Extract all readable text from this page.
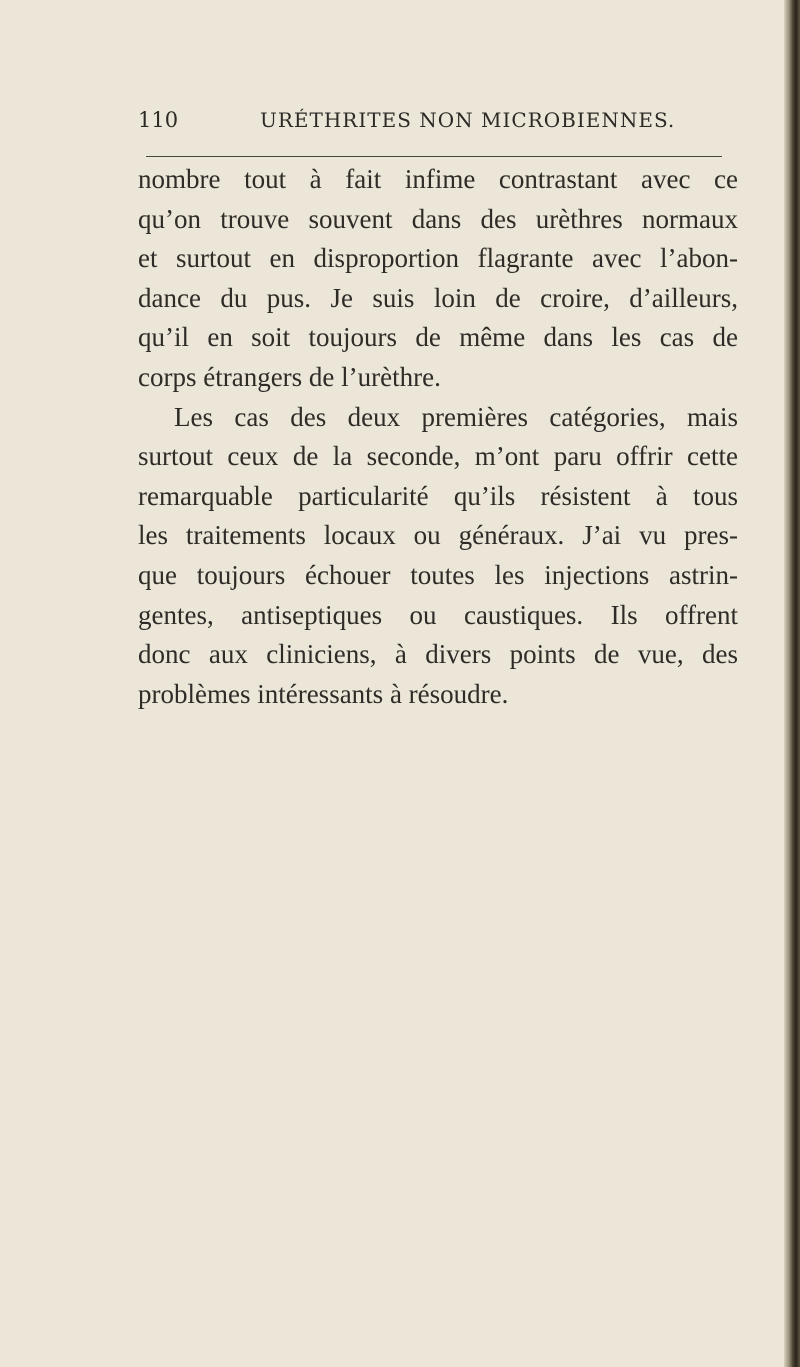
110	URÉTHRITES NON MICROBIENNES.
nombre tout à fait infime contrastant avec ce
qu’on trouve souvent dans des urèthres normaux
et surtout en disproportion flagrante avec l’abon-
dance du pus. Je suis loin de croire, d’ailleurs,
qu’il en soit toujours de même dans les cas de
corps étrangers de l’urèthre.
Les cas des deux premières catégories, mais
surtout ceux de la seconde, m’ont paru offrir cette
remarquable particularité qu’ils résistent à tous
les traitements locaux ou généraux. J’ai vu pres-
que toujours échouer toutes les injections astrin-
gentes, antiseptiques ou caustiques. Ils offrent
donc aux cliniciens, à divers points de vue, des
problèmes intéressants à résoudre.
